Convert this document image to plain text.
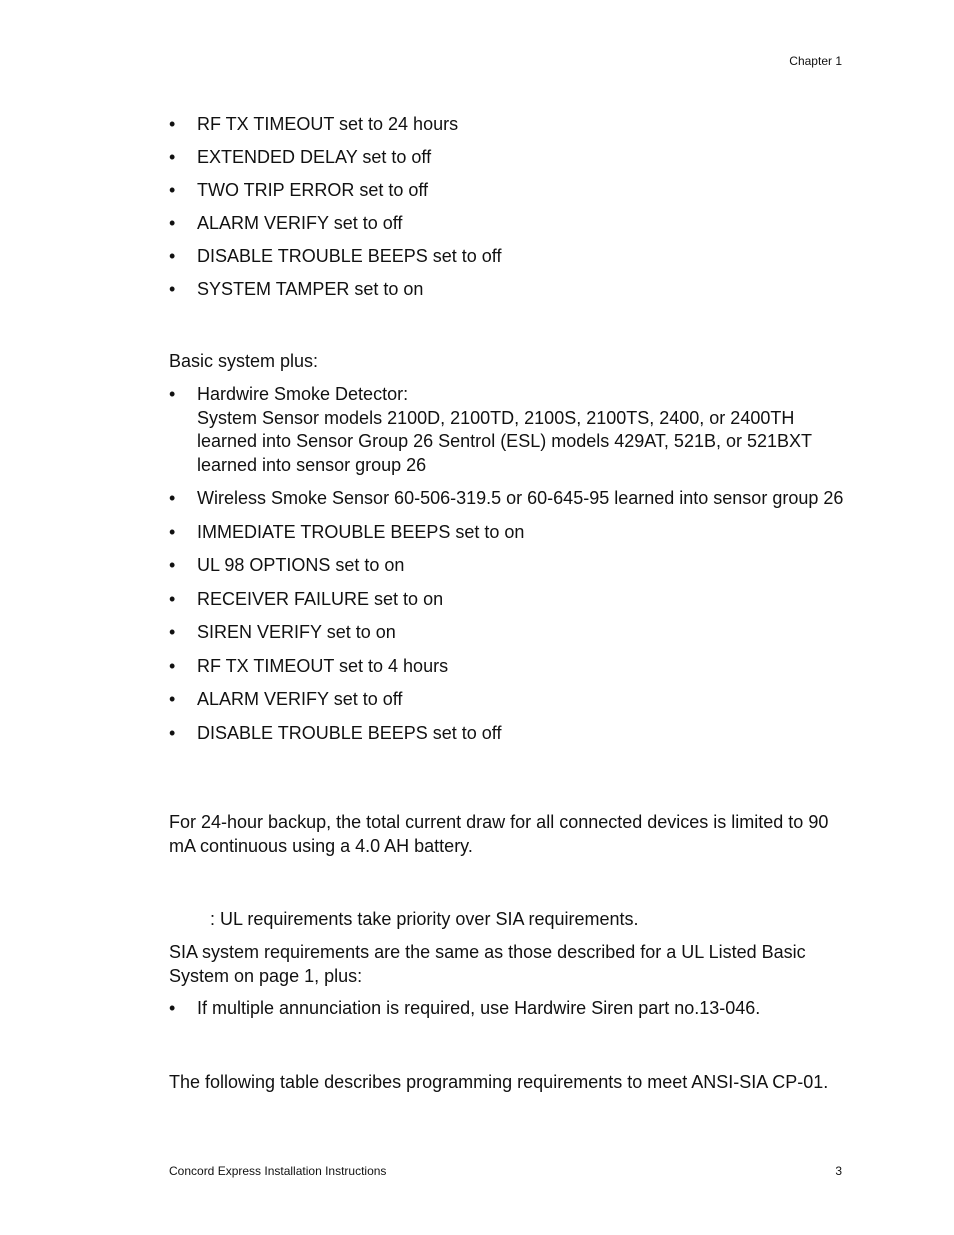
Chapter 1
• RF TX TIMEOUT set to 24 hours
• EXTENDED DELAY set to off
• TWO TRIP ERROR set to off
• ALARM VERIFY set to off
• DISABLE TROUBLE BEEPS set to off
• SYSTEM TAMPER set to on

Basic system plus:

• Hardwire Smoke Detector:
System Sensor models 2100D, 2100TD, 2100S, 2100TS, 2400, or 2400TH learned into Sensor Group 26 Sentrol (ESL) models 429AT, 521B, or 521BXT learned into sensor group 26
• Wireless Smoke Sensor 60-506-319.5 or 60-645-95 learned into sensor group 26
• IMMEDIATE TROUBLE BEEPS set to on
• UL 98 OPTIONS set to on
• RECEIVER FAILURE set to on
• SIREN VERIFY set to on
• RF TX TIMEOUT set to 4 hours
• ALARM VERIFY set to off
• DISABLE TROUBLE BEEPS set to off

For 24-hour backup, the total current draw for all connected devices is limited to 90 mA continuous using a 4.0 AH battery.

: UL requirements take priority over SIA requirements.

SIA system requirements are the same as those described for a UL Listed Basic System on page 1, plus:

• If multiple annunciation is required, use Hardwire Siren part no.13-046.

The following table describes programming requirements to meet ANSI-SIA CP-01.

Concord Express Installation Instructions	3
